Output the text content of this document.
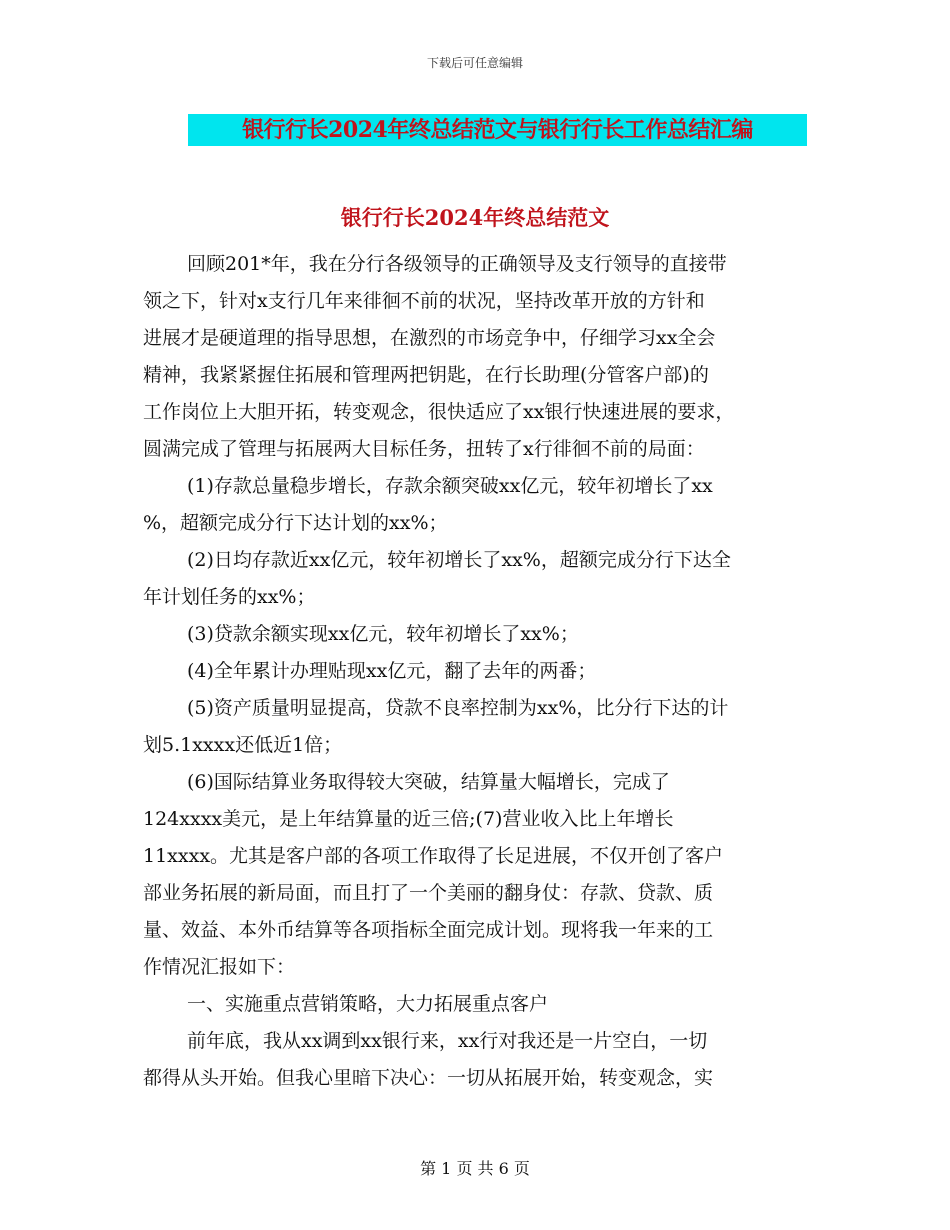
下载后可任意编辑
银行行长2024年终总结范文与银行行长工作总结汇编
银行行长2024年终总结范文
回顾201*年，我在分行各级领导的正确领导及支行领导的直接带
领之下，针对x支行几年来徘徊不前的状况，坚持改革开放的方针和
进展才是硬道理的指导思想，在激烈的市场竞争中，仔细学习xx全会
精神，我紧紧握住拓展和管理两把钥匙，在行长助理(分管客户部)的
工作岗位上大胆开拓，转变观念，很快适应了xx银行快速进展的要求，
圆满完成了管理与拓展两大目标任务，扭转了x行徘徊不前的局面：
(1)存款总量稳步增长，存款余额突破xx亿元，较年初增长了xx
%，超额完成分行下达计划的xx%；
(2)日均存款近xx亿元，较年初增长了xx%，超额完成分行下达全
年计划任务的xx%；
(3)贷款余额实现xx亿元，较年初增长了xx%；
(4)全年累计办理贴现xx亿元，翻了去年的两番；
(5)资产质量明显提高，贷款不良率控制为xx%，比分行下达的计
划5.1xxxx还低近1倍；
(6)国际结算业务取得较大突破，结算量大幅增长，完成了
124xxxx美元，是上年结算量的近三倍;(7)营业收入比上年增长
11xxxx。尤其是客户部的各项工作取得了长足进展，不仅开创了客户
部业务拓展的新局面，而且打了一个美丽的翻身仗：存款、贷款、质
量、效益、本外币结算等各项指标全面完成计划。现将我一年来的工
作情况汇报如下：
一、实施重点营销策略，大力拓展重点客户
前年底，我从xx调到xx银行来，xx行对我还是一片空白，一切
都得从头开始。但我心里暗下决心：一切从拓展开始，转变观念，实
第 1 页 共 6 页
